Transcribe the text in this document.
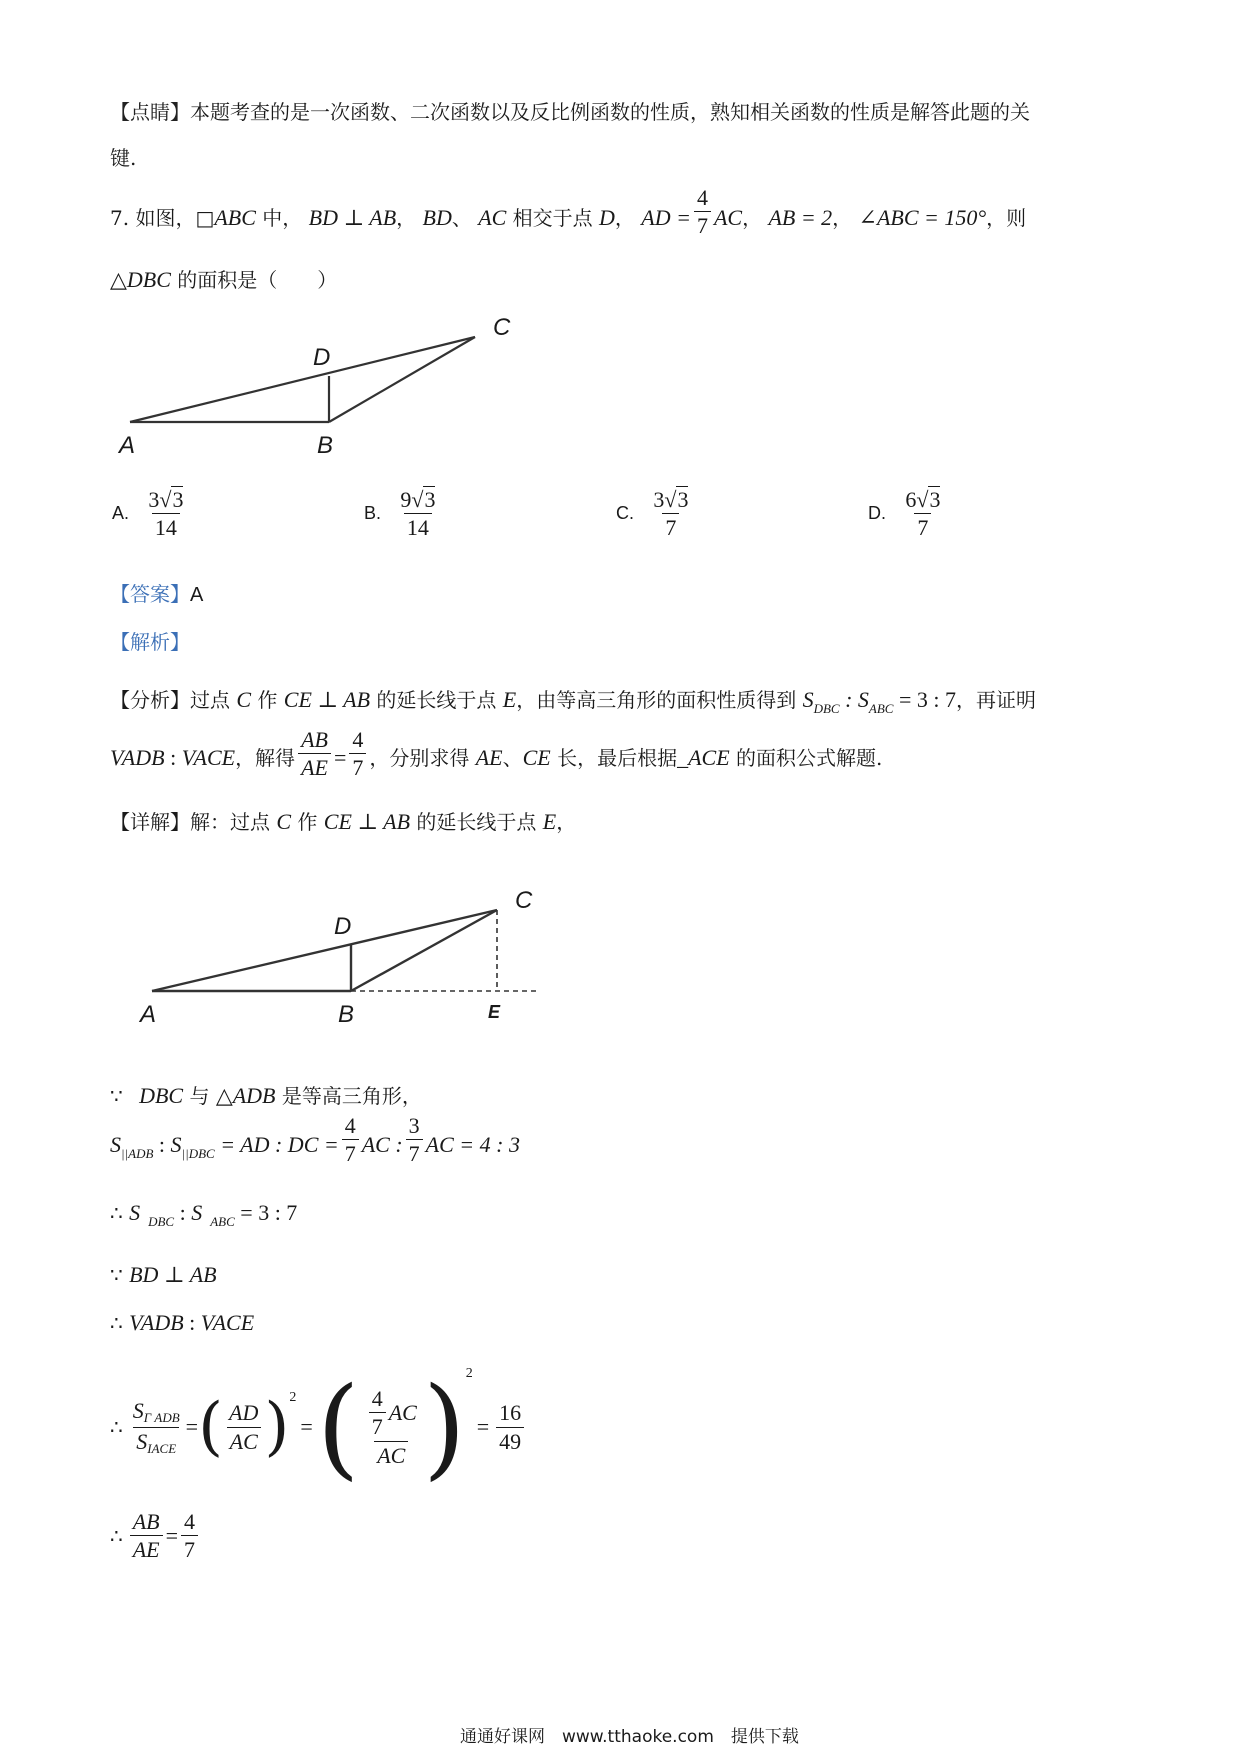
【点睛】本题考查的是一次函数、二次函数以及反比例函数的性质，熟知相关函数的性质是解答此题的关
键.
7. 如图，□ABC 中， BD ⊥ AB， BD、 AC 相交于点 D， AD = $\frac{4}{7}$ AC， AB = 2， ∠ABC = 150°，则
△DBC 的面积是（　　）
A	B
C
D
A. $\frac{3√3}{14}$	B. $\frac{9√3}{14}$	C. $\frac{3√3}{7}$	D. $\frac{6√3}{7}$
【答案】A
【解析】
【分析】过点 C 作 CE ⊥ AB 的延长线于点 E，由等高三角形的面积性质得到 $S_{DBC}$ : $S_{ABC} = 3$ : 7，再证明
VADB : VACE，解得 $\frac{AB}{AE} = \frac{4}{7}$ ，分别求得 AE、CE 长，最后根据_ACE 的面积公式解题.
【详解】解：过点 C 作 CE ⊥ AB 的延长线于点 E，
A	B
C
D
E
∵ DBC 与 △ADB 是等高三角形，
$S_{||ADB}$ : $S_{||DBC}$ = AD : DC = $\frac{4}{7}$ AC : $\frac{3}{7}$ AC = 4 : 3
∴ S $_{DBC}$ : S $_{ABC}$ = 3 : 7
∵ BD ⊥ AB
∴ VADB : VACE
∴ $\frac{S_{\Gamma ADB}}{S_{IACE}}$ = ( $\frac{AD}{AC}$ ) 2
= ( $\frac{\frac{4}{7} AC}{AC}$ ) 2
= $\frac{16}{49}$
∴ $\frac{AB}{AE} = \frac{4}{7}$
通通好课网　www.tthaoke.com　提供下载
